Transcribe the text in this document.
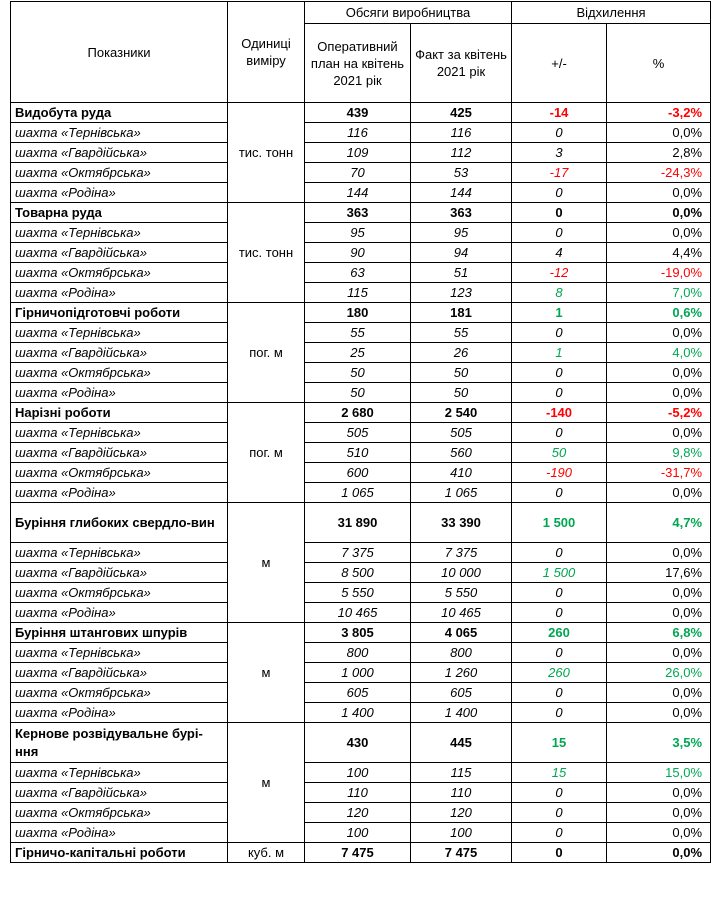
Показники	Одиниці виміру	Обсяги виробництва		Відхилення	
		Оперативний план на квітень 2021 рік	Факт за квітень 2021 рік	+/-	%
Видобута руда	тис. тонн	439	425	-14	-3,2%
шахта «Тернівська»		116	116	0	0,0%
шахта «Гвардійська»		109	112	3	2,8%
шахта «Октябрська»		70	53	-17	-24,3%
шахта «Родіна»		144	144	0	0,0%
Товарна руда	тис. тонн	363	363	0	0,0%
шахта «Тернівська»		95	95	0	0,0%
шахта «Гвардійська»		90	94	4	4,4%
шахта «Октябрська»		63	51	-12	-19,0%
шахта «Родіна»		115	123	8	7,0%
Гірничопідготовчі роботи	пог. м	180	181	1	0,6%
шахта «Тернівська»		55	55	0	0,0%
шахта «Гвардійська»		25	26	1	4,0%
шахта «Октябрська»		50	50	0	0,0%
шахта «Родіна»		50	50	0	0,0%
Нарізні роботи	пог. м	2 680	2 540	-140	-5,2%
шахта «Тернівська»		505	505	0	0,0%
шахта «Гвардійська»		510	560	50	9,8%
шахта «Октябрська»		600	410	-190	-31,7%
шахта «Родіна»		1 065	1 065	0	0,0%
Буріння глибоких свердло-вин	м	31 890	33 390	1 500	4,7%
шахта «Тернівська»		7 375	7 375	0	0,0%
шахта «Гвардійська»		8 500	10 000	1 500	17,6%
шахта «Октябрська»		5 550	5 550	0	0,0%
шахта «Родіна»		10 465	10 465	0	0,0%
Буріння штангових шпурів	м	3 805	4 065	260	6,8%
шахта «Тернівська»		800	800	0	0,0%
шахта «Гвардійська»		1 000	1 260	260	26,0%
шахта «Октябрська»		605	605	0	0,0%
шахта «Родіна»		1 400	1 400	0	0,0%
Кернове розвідувальне бурі-ння	м	430	445	15	3,5%
шахта «Тернівська»		100	115	15	15,0%
шахта «Гвардійська»		110	110	0	0,0%
шахта «Октябрська»		120	120	0	0,0%
шахта «Родіна»		100	100	0	0,0%
Гірничо-капітальні роботи	куб. м	7 475	7 475	0	0,0%
